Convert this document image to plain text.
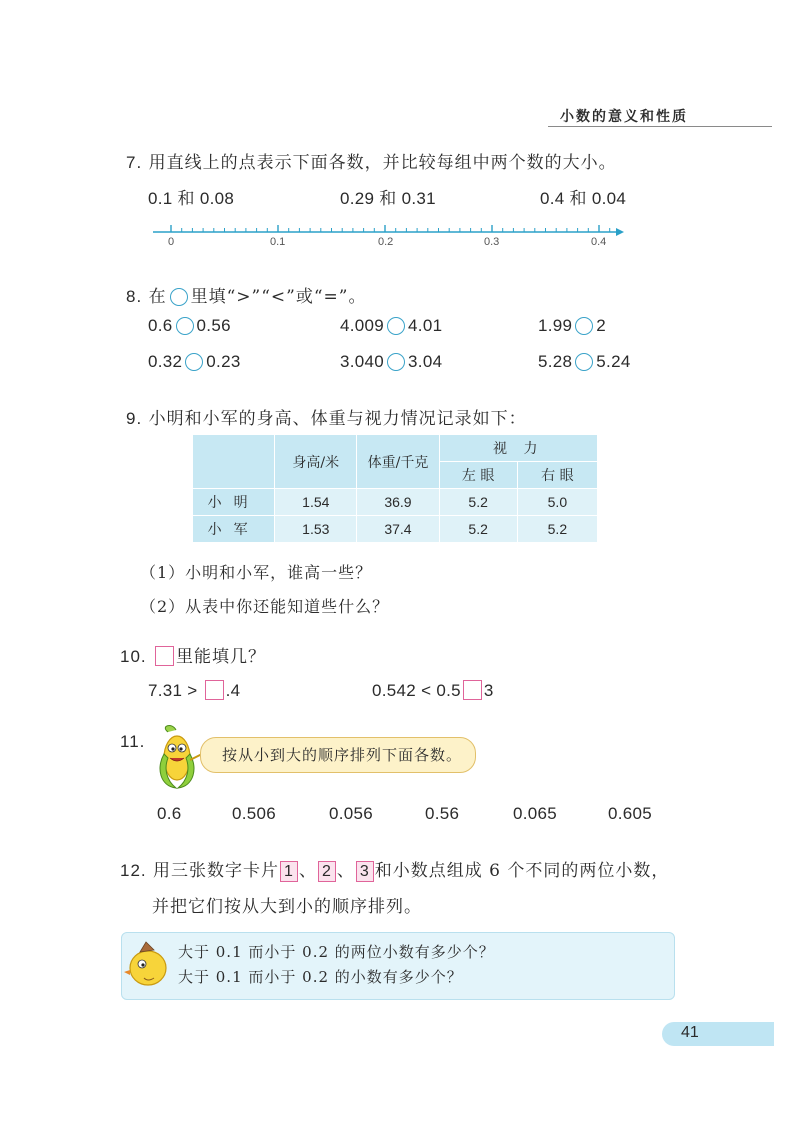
小数的意义和性质
7. 用直线上的点表示下面各数，并比较每组中两个数的大小。
0.1 和 0.08	0.29 和 0.31	0.4 和 0.04
0	0.1	0.2	0.3	0.4
8. 在 里填“>”“<”或“=”。
0.6 0.56	4.009 4.01	1.99 2
0.32 0.23	3.040 3.04	5.28 5.24
9. 小明和小军的身高、体重与视力情况记录如下：
	身高/米	体重/千克	视 力	
			左 眼	右 眼
小明	1.54	36.9	5.2	5.0
小军	1.53	37.4	5.2	5.2
（1）小明和小军，谁高一些？
（2）从表中你还能知道些什么？
10. 里能填几？
7.31 > .4	0.542 < 0.5 3
11.
按从小到大的顺序排列下面各数。
0.6	0.506	0.056	0.56	0.065	0.605
12. 用三张数字卡片 1 、 2 、 3 和小数点组成 6 个不同的两位小数，
并把它们按从大到小的顺序排列。
大于 0.1 而小于 0.2 的两位小数有多少个？
大于 0.1 而小于 0.2 的小数有多少个？
41
